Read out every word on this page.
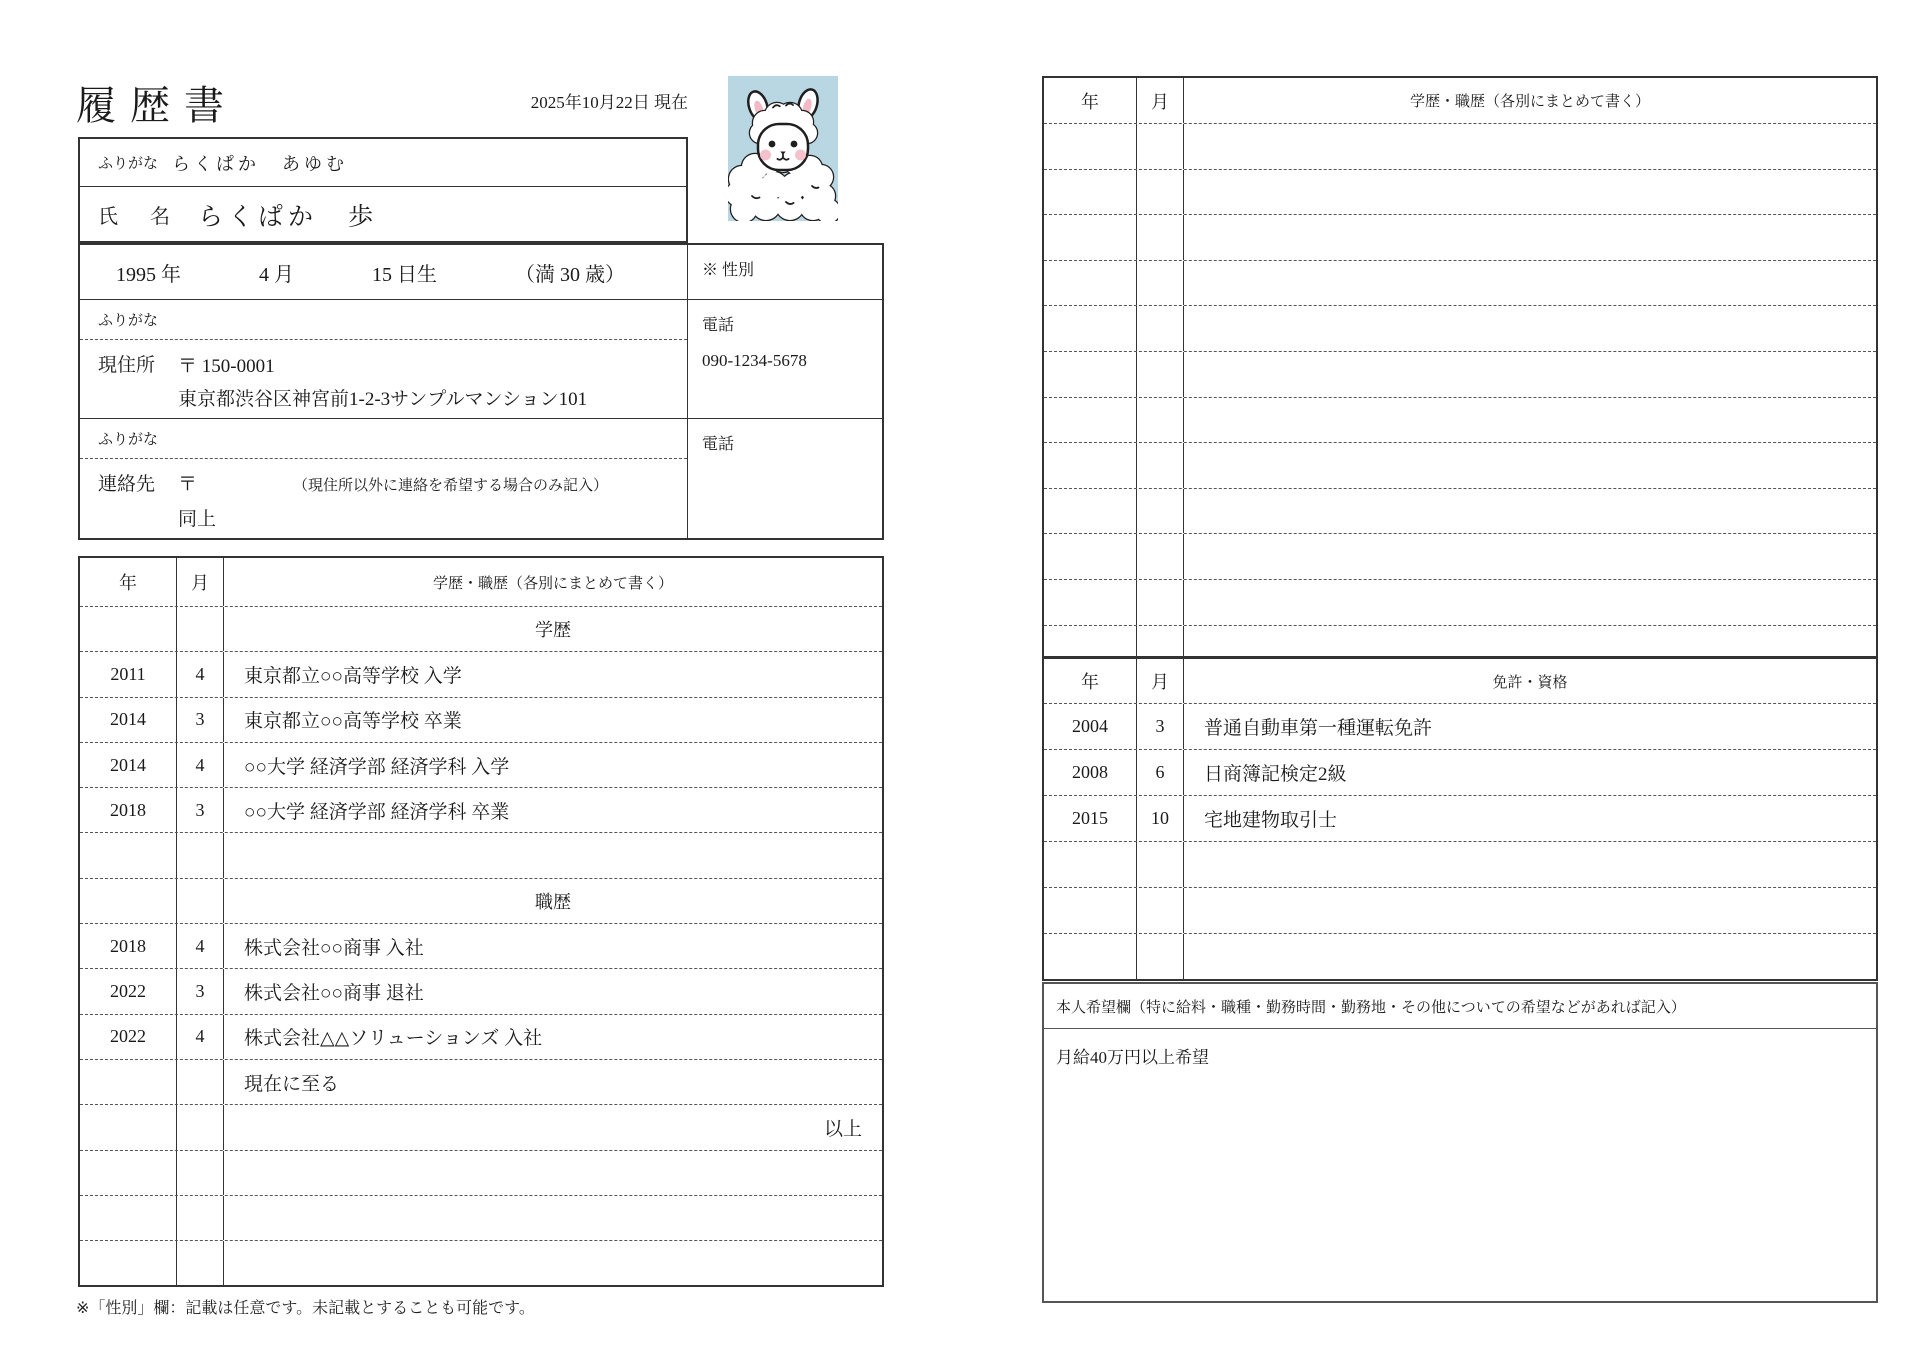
履歴書	2025年10月22日 現在
ふりがな らくぱか　あゆむ
氏　名 らくぱか　歩
1995 年	4 月	15 日生	（満 30 歳）	※ 性別
ふりがな
現住所	〒 150-0001
東京都渋谷区神宮前1-2-3サンプルマンション101
電話
090-1234-5678
ふりがな
連絡先	〒	（現住所以外に連絡を希望する場合のみ記入）
同上
電話
年	月	学歴・職歴（各別にまとめて書く）
学歴
2011	4	東京都立○○高等学校 入学
2014	3	東京都立○○高等学校 卒業
2014	4	○○大学 経済学部 経済学科 入学
2018	3	○○大学 経済学部 経済学科 卒業
職歴
2018	4	株式会社○○商事 入社
2022	3	株式会社○○商事 退社
2022	4	株式会社△△ソリューションズ 入社
現在に至る
以上
※「性別」欄：記載は任意です。未記載とすることも可能です。
年	月	学歴・職歴（各別にまとめて書く）
年	月	免許・資格
2004	3	普通自動車第一種運転免許
2008	6	日商簿記検定2級
2015	10	宅地建物取引士
本人希望欄（特に給料・職種・勤務時間・勤務地・その他についての希望などがあれば記入）
月給40万円以上希望
